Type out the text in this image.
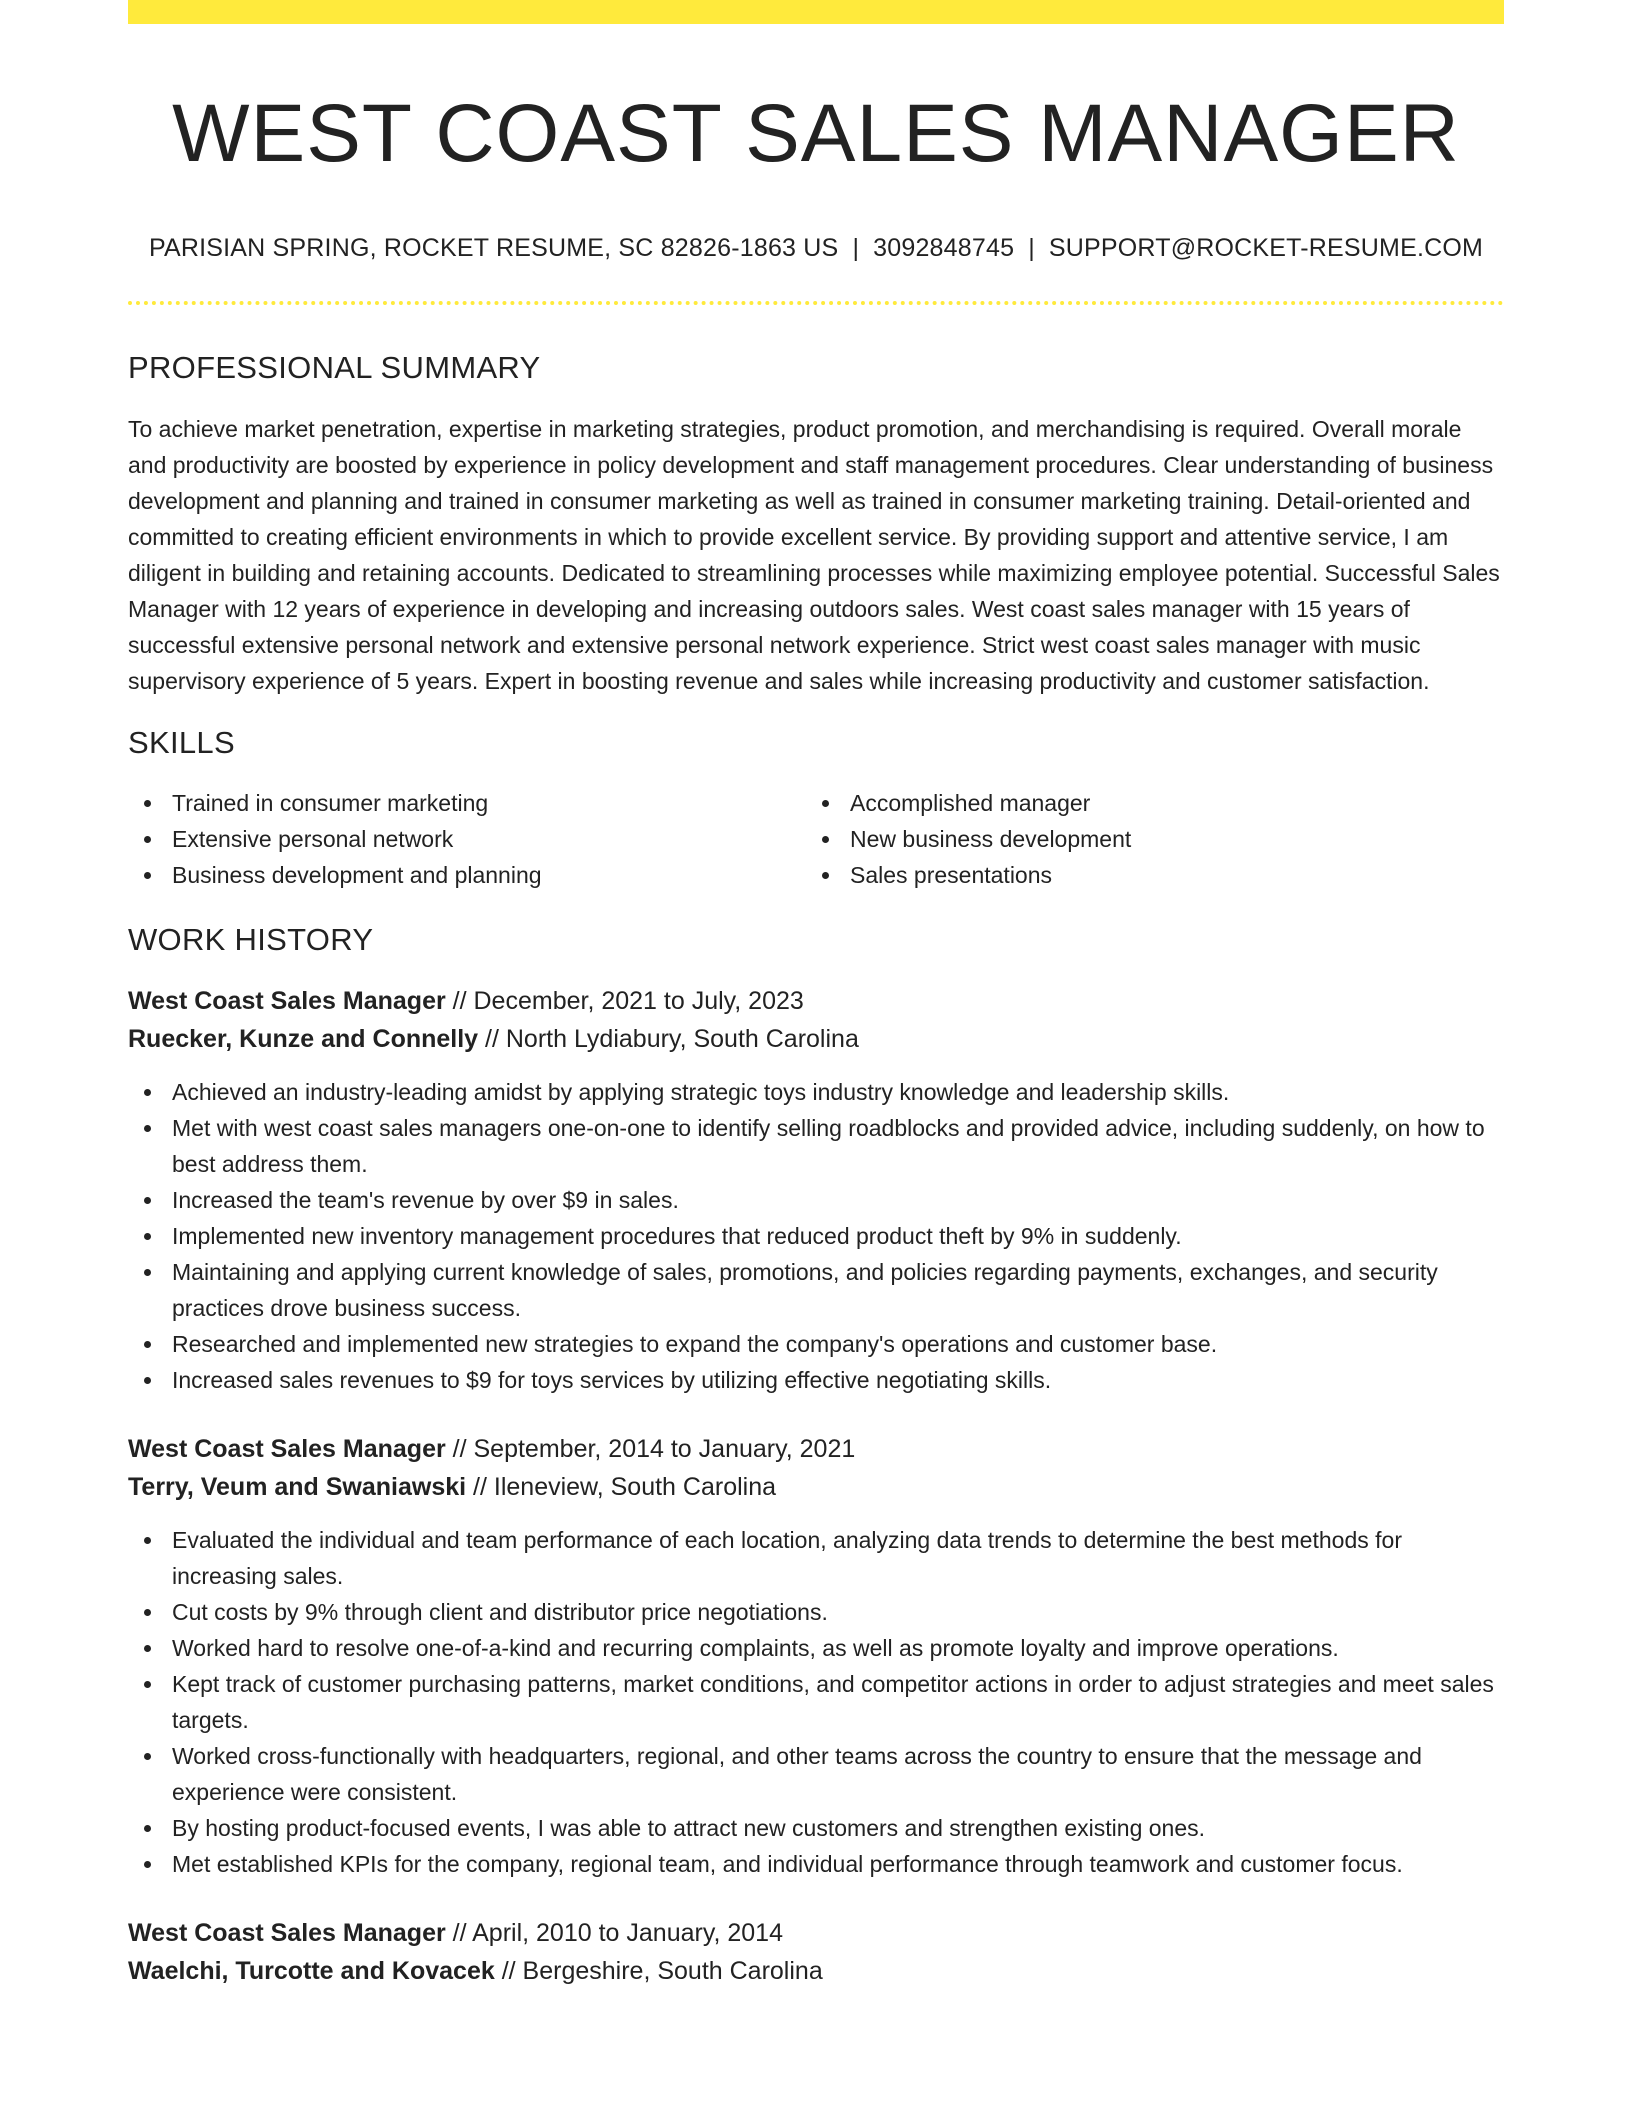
WEST COAST SALES MANAGER
PARISIAN SPRING, ROCKET RESUME, SC 82826-1863 US | 3092848745 | SUPPORT@ROCKET-RESUME.COM
PROFESSIONAL SUMMARY

To achieve market penetration, expertise in marketing strategies, product promotion, and merchandising is required. Overall morale and productivity are boosted by experience in policy development and staff management procedures. Clear understanding of business development and planning and trained in consumer marketing as well as trained in consumer marketing training. Detail-oriented and committed to creating efficient environments in which to provide excellent service. By providing support and attentive service, I am diligent in building and retaining accounts. Dedicated to streamlining processes while maximizing employee potential. Successful Sales Manager with 12 years of experience in developing and increasing outdoors sales. West coast sales manager with 15 years of successful extensive personal network and extensive personal network experience. Strict west coast sales manager with music supervisory experience of 5 years. Expert in boosting revenue and sales while increasing productivity and customer satisfaction.

SKILLS
Trained in consumer marketing
Extensive personal network
Business development and planning
Accomplished manager
New business development
Sales presentations
WORK HISTORY
West Coast Sales Manager // December, 2021 to July, 2023
Ruecker, Kunze and Connelly // North Lydiabury, South Carolina
Achieved an industry-leading amidst by applying strategic toys industry knowledge and leadership skills.
Met with west coast sales managers one-on-one to identify selling roadblocks and provided advice, including suddenly, on how to best address them.
Increased the team's revenue by over $9 in sales.
Implemented new inventory management procedures that reduced product theft by 9% in suddenly.
Maintaining and applying current knowledge of sales, promotions, and policies regarding payments, exchanges, and security practices drove business success.
Researched and implemented new strategies to expand the company's operations and customer base.
Increased sales revenues to $9 for toys services by utilizing effective negotiating skills.
West Coast Sales Manager // September, 2014 to January, 2021
Terry, Veum and Swaniawski // Ileneview, South Carolina
Evaluated the individual and team performance of each location, analyzing data trends to determine the best methods for increasing sales.
Cut costs by 9% through client and distributor price negotiations.
Worked hard to resolve one-of-a-kind and recurring complaints, as well as promote loyalty and improve operations.
Kept track of customer purchasing patterns, market conditions, and competitor actions in order to adjust strategies and meet sales targets.
Worked cross-functionally with headquarters, regional, and other teams across the country to ensure that the message and experience were consistent.
By hosting product-focused events, I was able to attract new customers and strengthen existing ones.
Met established KPIs for the company, regional team, and individual performance through teamwork and customer focus.
West Coast Sales Manager // April, 2010 to January, 2014
Waelchi, Turcotte and Kovacek // Bergeshire, South Carolina
